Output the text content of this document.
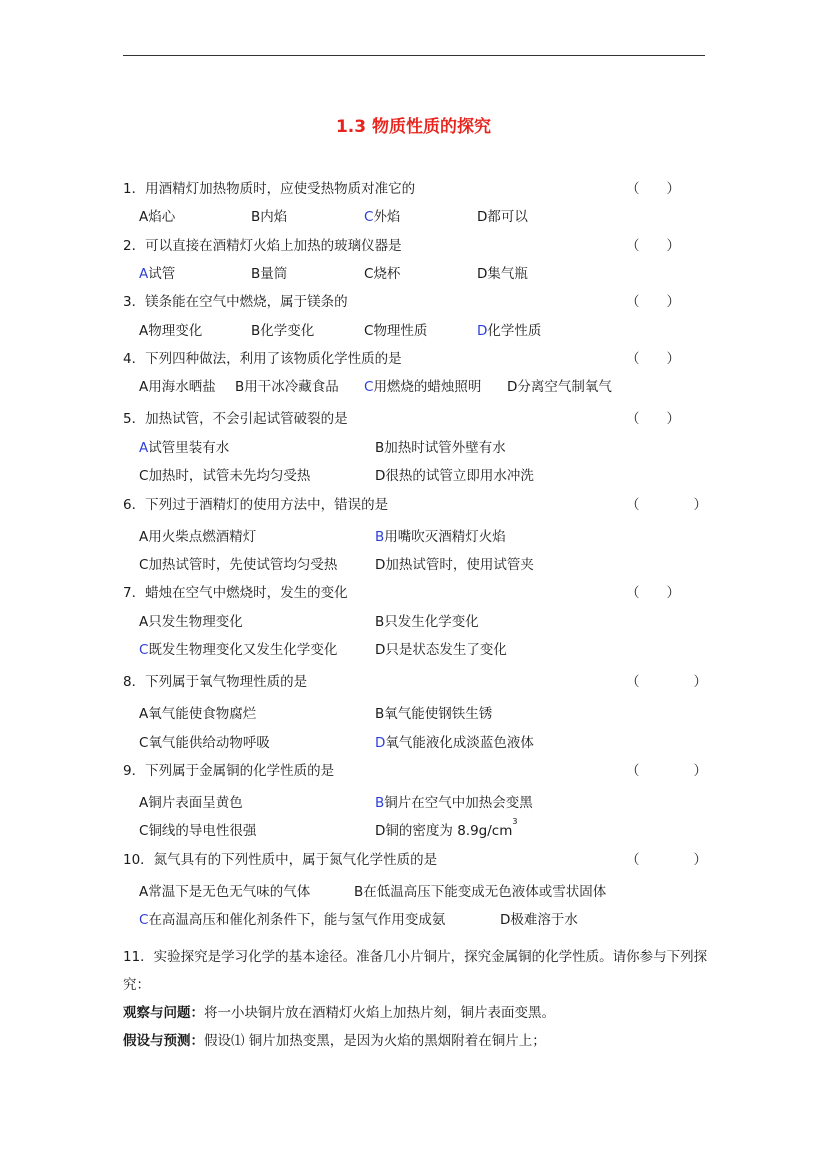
1.3 物质性质的探究
1．用酒精灯加热物质时，应使受热物质对准它的	（　　）
A焰心	B内焰	C外焰	D都可以
2．可以直接在酒精灯火焰上加热的玻璃仪器是	（　　）
A试管	B量筒	C烧杯	D集气瓶
3．镁条能在空气中燃烧，属于镁条的	（　　）
A物理变化	B化学变化	C物理性质	D化学性质
4．下列四种做法，利用了该物质化学性质的是	（　　）
A用海水晒盐 B用干冰冷藏食品 C用燃烧的蜡烛照明 D分离空气制氧气
5．加热试管，不会引起试管破裂的是	（　　）
A试管里装有水	B加热时试管外壁有水
C加热时，试管未先均匀受热	D很热的试管立即用水冲洗
6．下列过于酒精灯的使用方法中，错误的是	（　　　　）
A用火柴点燃酒精灯	B用嘴吹灭酒精灯火焰
C加热试管时，先使试管均匀受热	D加热试管时，使用试管夹
7．蜡烛在空气中燃烧时，发生的变化	（　　）
A只发生物理变化	B只发生化学变化
C既发生物理变化又发生化学变化	D只是状态发生了变化
8．下列属于氧气物理性质的是	（　　　　）
A氧气能使食物腐烂	B氧气能使钢铁生锈
C氧气能供给动物呼吸	D氧气能液化成淡蓝色液体
9．下列属于金属铜的化学性质的是	（　　　　）
A铜片表面呈黄色	B铜片在空气中加热会变黑
C铜线的导电性很强	D铜的密度为 $8.9g/cm^3$
10．氮气具有的下列性质中，属于氮气化学性质的是	（　　　　）
A常温下是无色无气味的气体	B在低温高压下能变成无色液体或雪状固体
C在高温高压和催化剂条件下，能与氢气作用变成氨	D极难溶于水
11．实验探究是学习化学的基本途径。准备几小片铜片，探究金属铜的化学性质。请你参与下列探究：
观察与问题：将一小块铜片放在酒精灯火焰上加热片刻，铜片表面变黑。
假设与预测：假设⑴ 铜片加热变黑，是因为火焰的黑烟附着在铜片上；
